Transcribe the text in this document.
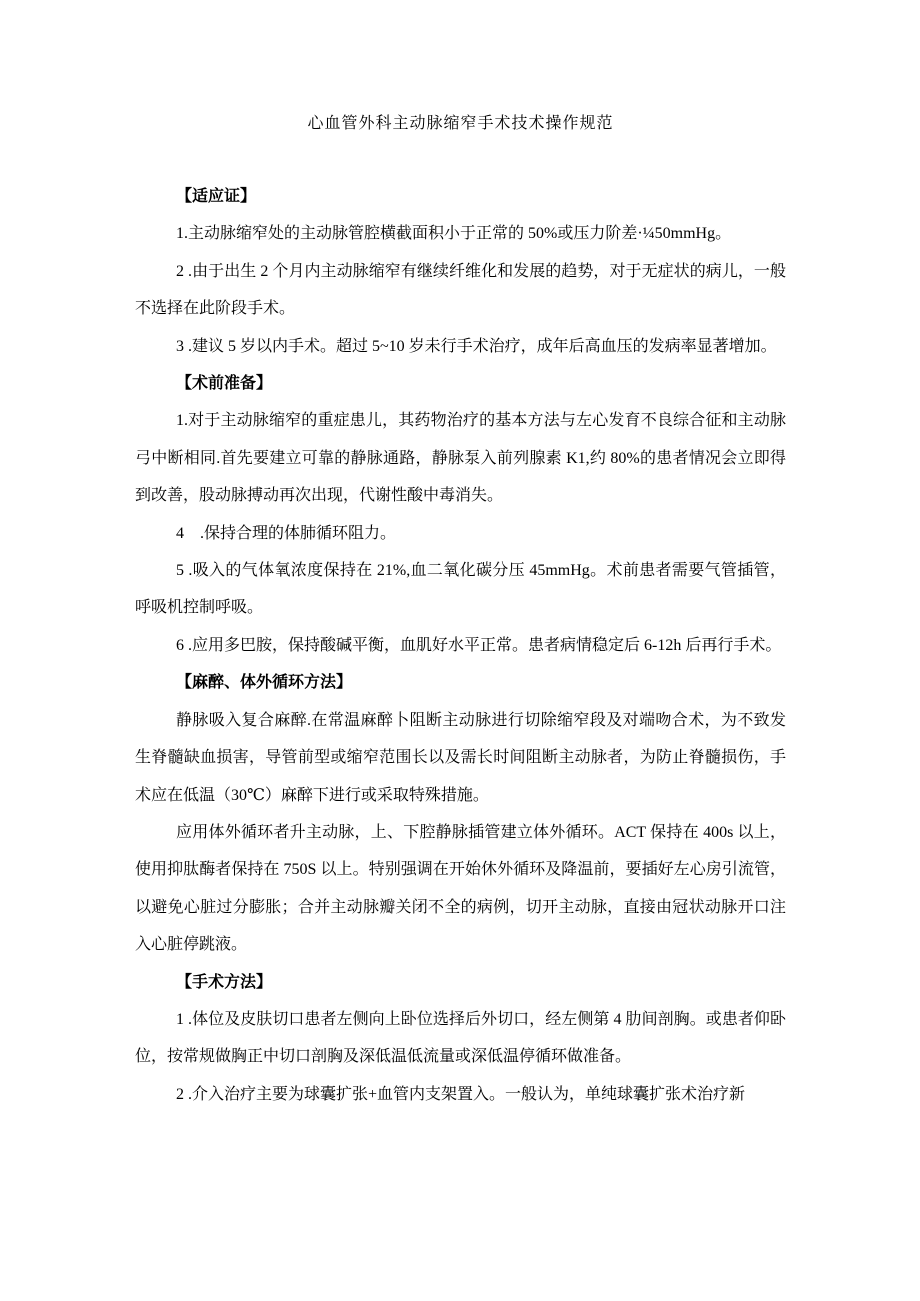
心血管外科主动脉缩窄手术技术操作规范

【适应证】

1.主动脉缩窄处的主动脉管腔横截面积小于正常的 50%或压力阶差·¼50mmHg。

2 .由于出生 2 个月内主动脉缩窄有继续纤维化和发展的趋势，对于无症状的病儿，一般不选择在此阶段手术。

3 .建议 5 岁以内手术。超过 5~10 岁未行手术治疗，成年后高血压的发病率显著增加。

【术前准备】

1.对于主动脉缩窄的重症患儿，其药物治疗的基本方法与左心发育不良综合征和主动脉弓中断相同.首先要建立可靠的静脉通路，静脉泵入前列腺素 K1,约 80%的患者情况会立即得到改善，股动脉搏动再次出现，代谢性酸中毒消失。

4　.保持合理的体肺循环阻力。

5 .吸入的气体氧浓度保持在 21%,血二氧化碳分压 45mmHg。术前患者需要气管插管，呼吸机控制呼吸。

6 .应用多巴胺，保持酸碱平衡，血肌好水平正常。患者病情稳定后 6-12h 后再行手术。

【麻醉、体外循环方法】

静脉吸入复合麻醉.在常温麻醉卜阻断主动脉进行切除缩窄段及对端吻合术，为不致发生脊髓缺血损害，导管前型或缩窄范围长以及需长时间阻断主动脉者，为防止脊髓损伤，手术应在低温（30℃）麻醉下进行或采取特殊措施。

应用体外循环者升主动脉，上、下腔静脉插管建立体外循环。ACT 保持在 400s 以上，使用抑肽酶者保持在 750S 以上。特别强调在开始休外循环及降温前，要插好左心房引流管，以避免心脏过分膨胀；合并主动脉瓣关闭不全的病例，切开主动脉，直接由冠状动脉开口注入心脏停跳液。

【手术方法】

1 .体位及皮肤切口患者左侧向上卧位选择后外切口，经左侧第 4 肋间剖胸。或患者仰卧位，按常规做胸正中切口剖胸及深低温低流量或深低温停循环做准备。

2 .介入治疗主要为球囊扩张+血管内支架置入。一般认为，单纯球囊扩张术治疗新
